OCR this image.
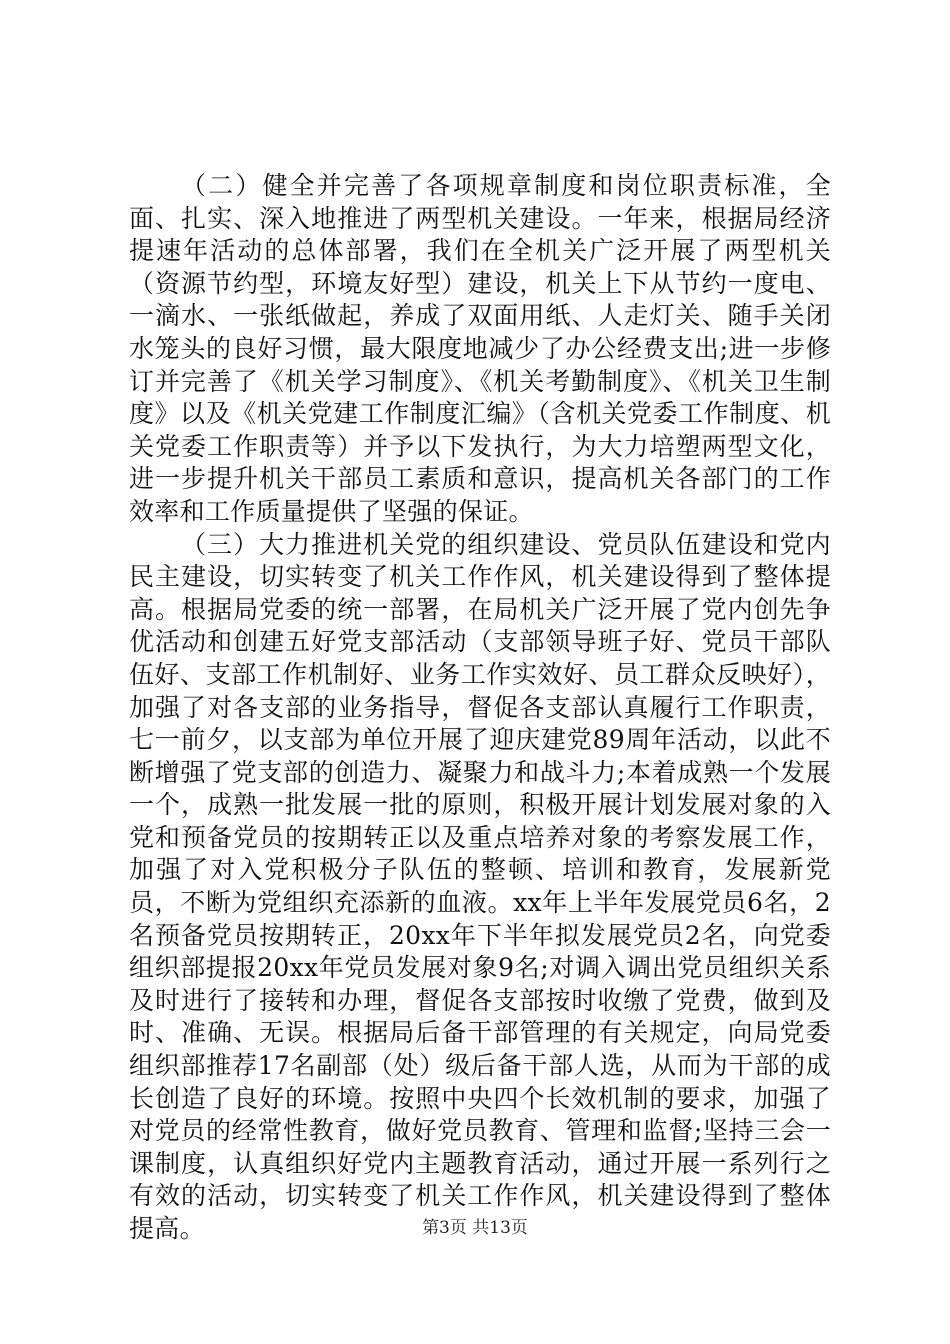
（二）健全并完善了各项规章制度和岗位职责标准，全面、扎实、深入地推进了两型机关建设。一年来，根据局经济提速年活动的总体部署，我们在全机关广泛开展了两型机关（资源节约型，环境友好型）建设，机关上下从节约一度电、一滴水、一张纸做起，养成了双面用纸、人走灯关、随手关闭水笼头的良好习惯，最大限度地减少了办公经费支出;进一步修订并完善了《机关学习制度》、《机关考勤制度》、《机关卫生制度》以及《机关党建工作制度汇编》（含机关党委工作制度、机关党委工作职责等）并予以下发执行，为大力培塑两型文化，进一步提升机关干部员工素质和意识，提高机关各部门的工作效率和工作质量提供了坚强的保证。

（三）大力推进机关党的组织建设、党员队伍建设和党内民主建设，切实转变了机关工作作风，机关建设得到了整体提高。根据局党委的统一部署，在局机关广泛开展了党内创先争优活动和创建五好党支部活动（支部领导班子好、党员干部队伍好、支部工作机制好、业务工作实效好、员工群众反映好），加强了对各支部的业务指导，督促各支部认真履行工作职责，七一前夕，以支部为单位开展了迎庆建党89周年活动，以此不断增强了党支部的创造力、凝聚力和战斗力;本着成熟一个发展一个，成熟一批发展一批的原则，积极开展计划发展对象的入党和预备党员的按期转正以及重点培养对象的考察发展工作，加强了对入党积极分子队伍的整顿、培训和教育，发展新党员，不断为党组织充添新的血液。xx年上半年发展党员6名，2名预备党员按期转正，20xx年下半年拟发展党员2名，向党委组织部提报20xx年党员发展对象9名;对调入调出党员组织关系及时进行了接转和办理，督促各支部按时收缴了党费，做到及时、准确、无误。根据局后备干部管理的有关规定，向局党委组织部推荐17名副部（处）级后备干部人选，从而为干部的成长创造了良好的环境。按照中央四个长效机制的要求，加强了对党员的经常性教育，做好党员教育、管理和监督;坚持三会一课制度，认真组织好党内主题教育活动，通过开展一系列行之有效的活动，切实转变了机关工作作风，机关建设得到了整体提高。	第3页 共13页
